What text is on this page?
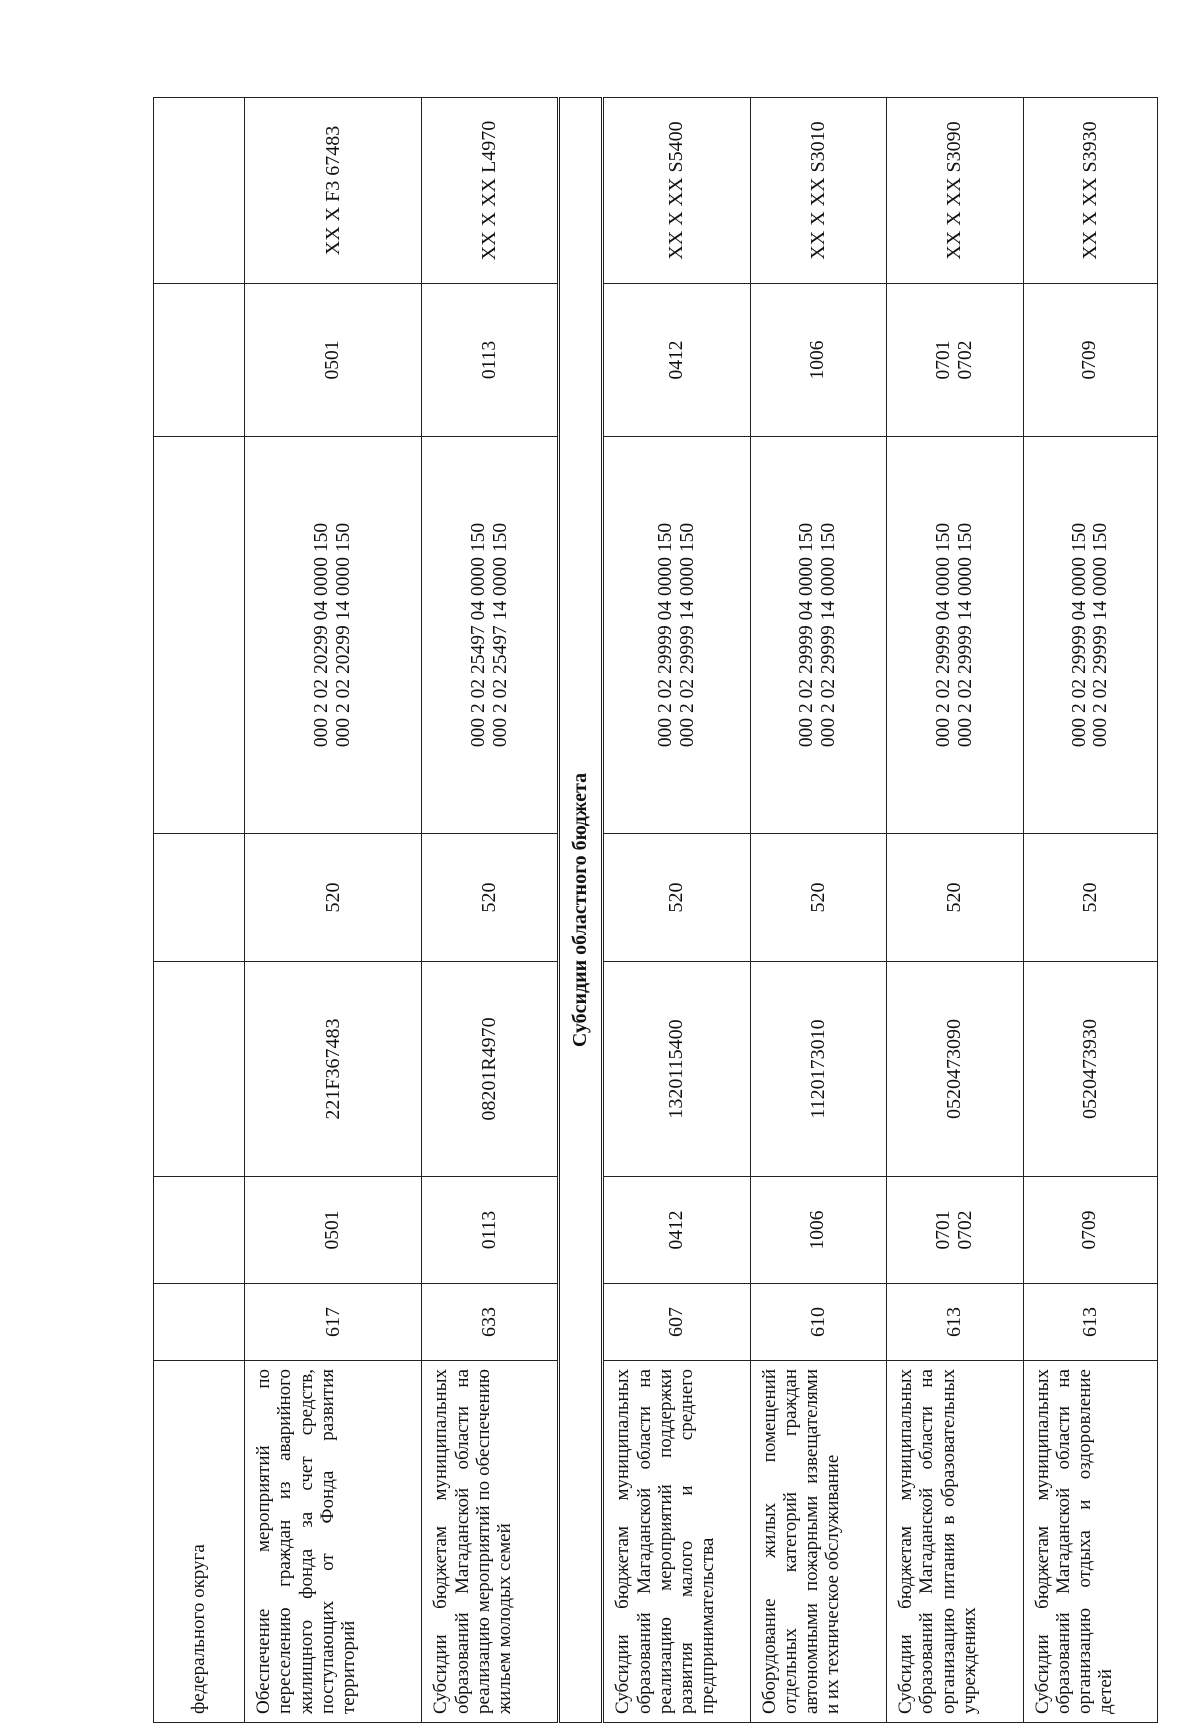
федерального округа							
Обеспечение мероприятий по переселению граждан из аварийного жилищного фонда за счет средств, поступающих от Фонда развития территорий	617	0501	221F367483	520	000 2 02 20299 04 0000 150 000 2 02 20299 14 0000 150	0501	XX X F3 67483
Субсидии бюджетам муниципальных образований Магаданской области на реализацию мероприятий по обеспечению жильем молодых семей	633	0113	08201R4970	520	000 2 02 25497 04 0000 150 000 2 02 25497 14 0000 150	0113	XX X XX L4970
Субсидии областного бюджета							
Субсидии бюджетам муниципальных образований Магаданской области на реализацию мероприятий поддержки развития малого и среднего предпринимательства	607	0412	1320115400	520	000 2 02 29999 04 0000 150 000 2 02 29999 14 0000 150	0412	XX X XX S5400
Оборудование жилых помещений отдельных категорий граждан автономными пожарными извещателями и их техническое обслуживание	610	1006	1120173010	520	000 2 02 29999 04 0000 150 000 2 02 29999 14 0000 150	1006	XX X XX S3010
Субсидии бюджетам муниципальных образований Магаданской области на организацию питания в образовательных учреждениях	613	0701 0702	0520473090	520	000 2 02 29999 04 0000 150 000 2 02 29999 14 0000 150	0701 0702	XX X XX S3090
Субсидии бюджетам муниципальных образований Магаданской области на организацию отдыха и оздоровление детей	613	0709	0520473930	520	000 2 02 29999 04 0000 150 000 2 02 29999 14 0000 150	0709	XX X XX S3930
